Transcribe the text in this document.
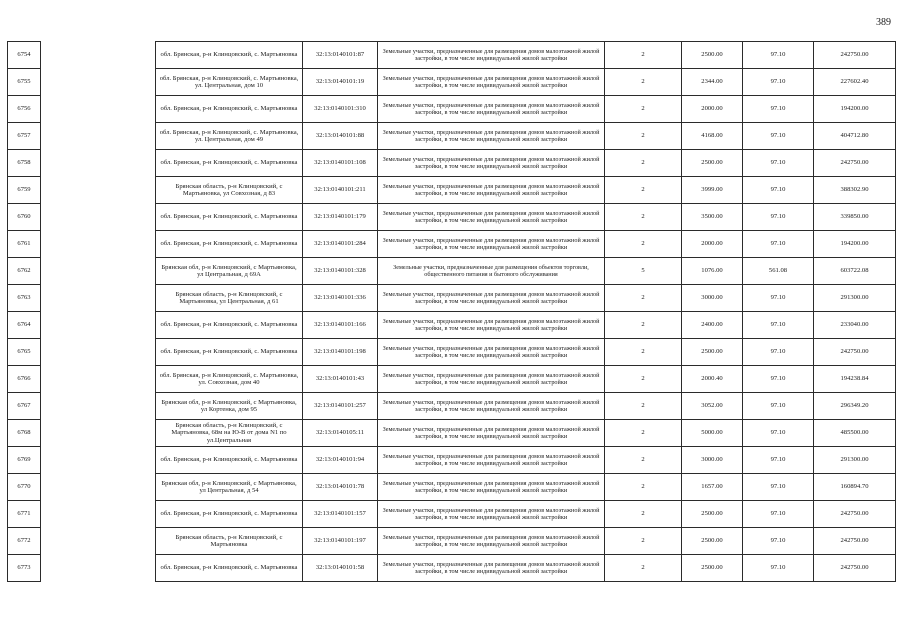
389
6754		обл. Брянская, р-н Клинцовский, с. Мартьяновка	32:13:0140101:87	Земельные участки, предназначенные для размещения домов малоэтажной жилой застройки, в том числе индивидуальной жилой застройки	2	2500.00	97.10	242750.00
6755		обл. Брянская, р-н Клинцовский, с. Мартьяновка, ул. Центральная, дом 10	32:13:0140101:19	Земельные участки, предназначенные для размещения домов малоэтажной жилой застройки, в том числе индивидуальной жилой застройки	2	2344.00	97.10	227602.40
6756		обл. Брянская, р-н Клинцовский, с. Мартьяновка	32:13:0140101:310	Земельные участки, предназначенные для размещения домов малоэтажной жилой застройки, в том числе индивидуальной жилой застройки	2	2000.00	97.10	194200.00
6757		обл. Брянская, р-н Клинцовский, с. Мартьяновка, ул. Центральная, дом 49	32:13:0140101:88	Земельные участки, предназначенные для размещения домов малоэтажной жилой застройки, в том числе индивидуальной жилой застройки	2	4168.00	97.10	404712.80
6758		обл. Брянская, р-н Клинцовский, с. Мартьяновка	32:13:0140101:108	Земельные участки, предназначенные для размещения домов малоэтажной жилой застройки, в том числе индивидуальной жилой застройки	2	2500.00	97.10	242750.00
6759		Брянская область, р-н Клинцовский, с Мартьяновка, ул Совхозная, д 83	32:13:0140101:211	Земельные участки, предназначенные для размещения домов малоэтажной жилой застройки, в том числе индивидуальной жилой застройки	2	3999.00	97.10	388302.90
6760		обл. Брянская, р-н Клинцовский, с. Мартьяновка	32:13:0140101:179	Земельные участки, предназначенные для размещения домов малоэтажной жилой застройки, в том числе индивидуальной жилой застройки	2	3500.00	97.10	339850.00
6761		обл. Брянская, р-н Клинцовский, с. Мартьяновка	32:13:0140101:284	Земельные участки, предназначенные для размещения домов малоэтажной жилой застройки, в том числе индивидуальной жилой застройки	2	2000.00	97.10	194200.00
6762		Брянская обл, р-н Клинцовский, с Мартьяновка, ул Центральная, д 69А	32:13:0140101:328	Земельные участки, предназначенные для размещения объектов торговли, общественного питания и бытового обслуживания	5	1076.00	561.08	603722.08
6763		Брянская область, р-н Клинцовский, с Мартьяновка, ул Центральная, д 61	32:13:0140101:336	Земельные участки, предназначенные для размещения домов малоэтажной жилой застройки, в том числе индивидуальной жилой застройки	2	3000.00	97.10	291300.00
6764		обл. Брянская, р-н Клинцовский, с. Мартьяновка	32:13:0140101:166	Земельные участки, предназначенные для размещения домов малоэтажной жилой застройки, в том числе индивидуальной жилой застройки	2	2400.00	97.10	233040.00
6765		обл. Брянская, р-н Клинцовский, с. Мартьяновка	32:13:0140101:198	Земельные участки, предназначенные для размещения домов малоэтажной жилой застройки, в том числе индивидуальной жилой застройки	2	2500.00	97.10	242750.00
6766		обл. Брянская, р-н Клинцовский, с. Мартьяновка, ул. Совхозная, дом 40	32:13:0140101:43	Земельные участки, предназначенные для размещения домов малоэтажной жилой застройки, в том числе индивидуальной жилой застройки	2	2000.40	97.10	194238.84
6767		Брянская обл, р-н Клинцовский, с Мартьяновка, ул Кортенка, дом 95	32:13:0140101:257	Земельные участки, предназначенные для размещения домов малоэтажной жилой застройки, в том числе индивидуальной жилой застройки	2	3052.00	97.10	296349.20
6768		Брянская область, р-н Клинцовский, с Мартьяновка, 68м на Ю-В от дома N1 по ул.Центральная	32:13:0140105:11	Земельные участки, предназначенные для размещения домов малоэтажной жилой застройки, в том числе индивидуальной жилой застройки	2	5000.00	97.10	485500.00
6769		обл. Брянская, р-н Клинцовский, с. Мартьяновка	32:13:0140101:94	Земельные участки, предназначенные для размещения домов малоэтажной жилой застройки, в том числе индивидуальной жилой застройки	2	3000.00	97.10	291300.00
6770		Брянская обл, р-н Клинцовский, с Мартьяновка, ул Центральная, д 54	32:13:0140101:78	Земельные участки, предназначенные для размещения домов малоэтажной жилой застройки, в том числе индивидуальной жилой застройки	2	1657.00	97.10	160894.70
6771		обл. Брянская, р-н Клинцовский, с. Мартьяновка	32:13:0140101:157	Земельные участки, предназначенные для размещения домов малоэтажной жилой застройки, в том числе индивидуальной жилой застройки	2	2500.00	97.10	242750.00
6772		Брянская область, р-н Клинцовский, с Мартьяновка	32:13:0140101:197	Земельные участки, предназначенные для размещения домов малоэтажной жилой застройки, в том числе индивидуальной жилой застройки	2	2500.00	97.10	242750.00
6773		обл. Брянская, р-н Клинцовский, с. Мартьяновка	32:13:0140101:58	Земельные участки, предназначенные для размещения домов малоэтажной жилой застройки, в том числе индивидуальной жилой застройки	2	2500.00	97.10	242750.00
